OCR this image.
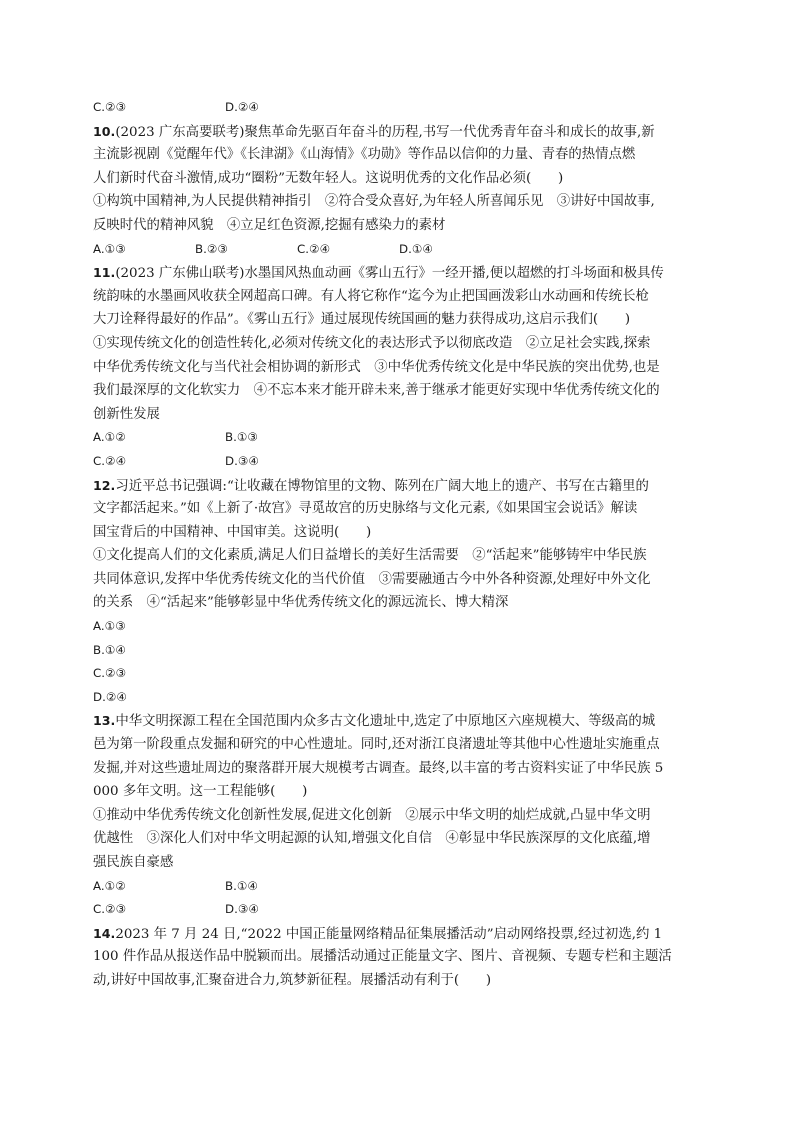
C.②③	D.②④
10.(2023 广东高要联考)聚焦革命先驱百年奋斗的历程,书写一代优秀青年奋斗和成长的故事,新
主流影视剧《觉醒年代》《长津湖》《山海情》《功勋》等作品以信仰的力量、青春的热情点燃
人们新时代奋斗激情,成功“圈粉”无数年轻人。这说明优秀的文化作品必须(　　)
①构筑中国精神,为人民提供精神指引　②符合受众喜好,为年轻人所喜闻乐见　③讲好中国故事,
反映时代的精神风貌　④立足红色资源,挖掘有感染力的素材
A.①③	B.②③	C.②④	D.①④
11.(2023 广东佛山联考)水墨国风热血动画《雾山五行》一经开播,便以超燃的打斗场面和极具传
统韵味的水墨画风收获全网超高口碑。有人将它称作“迄今为止把国画泼彩山水动画和传统长枪
大刀诠释得最好的作品”。《雾山五行》通过展现传统国画的魅力获得成功,这启示我们(　　)
①实现传统文化的创造性转化,必须对传统文化的表达形式予以彻底改造　②立足社会实践,探索
中华优秀传统文化与当代社会相协调的新形式　③中华优秀传统文化是中华民族的突出优势,也是
我们最深厚的文化软实力　④不忘本来才能开辟未来,善于继承才能更好实现中华优秀传统文化的
创新性发展
A.①②	B.①③
C.②④	D.③④
12.习近平总书记强调:“让收藏在博物馆里的文物、陈列在广阔大地上的遗产、书写在古籍里的
文字都活起来。”如《上新了·故宫》寻觅故宫的历史脉络与文化元素,《如果国宝会说话》解读
国宝背后的中国精神、中国审美。这说明(　　)
①文化提高人们的文化素质,满足人们日益增长的美好生活需要　②“活起来”能够铸牢中华民族
共同体意识,发挥中华优秀传统文化的当代价值　③需要融通古今中外各种资源,处理好中外文化
的关系　④“活起来”能够彰显中华优秀传统文化的源远流长、博大精深
A.①③
B.①④
C.②③
D.②④
13.中华文明探源工程在全国范围内众多古文化遗址中,选定了中原地区六座规模大、等级高的城
邑为第一阶段重点发掘和研究的中心性遗址。同时,还对浙江良渚遗址等其他中心性遗址实施重点
发掘,并对这些遗址周边的聚落群开展大规模考古调查。最终,以丰富的考古资料实证了中华民族 5
000 多年文明。这一工程能够(　　)
①推动中华优秀传统文化创新性发展,促进文化创新　②展示中华文明的灿烂成就,凸显中华文明
优越性　③深化人们对中华文明起源的认知,增强文化自信　④彰显中华民族深厚的文化底蕴,增
强民族自豪感
A.①②	B.①④
C.②③	D.③④
14.2023 年 7 月 24 日,“2022 中国正能量网络精品征集展播活动”启动网络投票,经过初选,约 1
100 件作品从报送作品中脱颖而出。展播活动通过正能量文字、图片、音视频、专题专栏和主题活
动,讲好中国故事,汇聚奋进合力,筑梦新征程。展播活动有利于(　　)
